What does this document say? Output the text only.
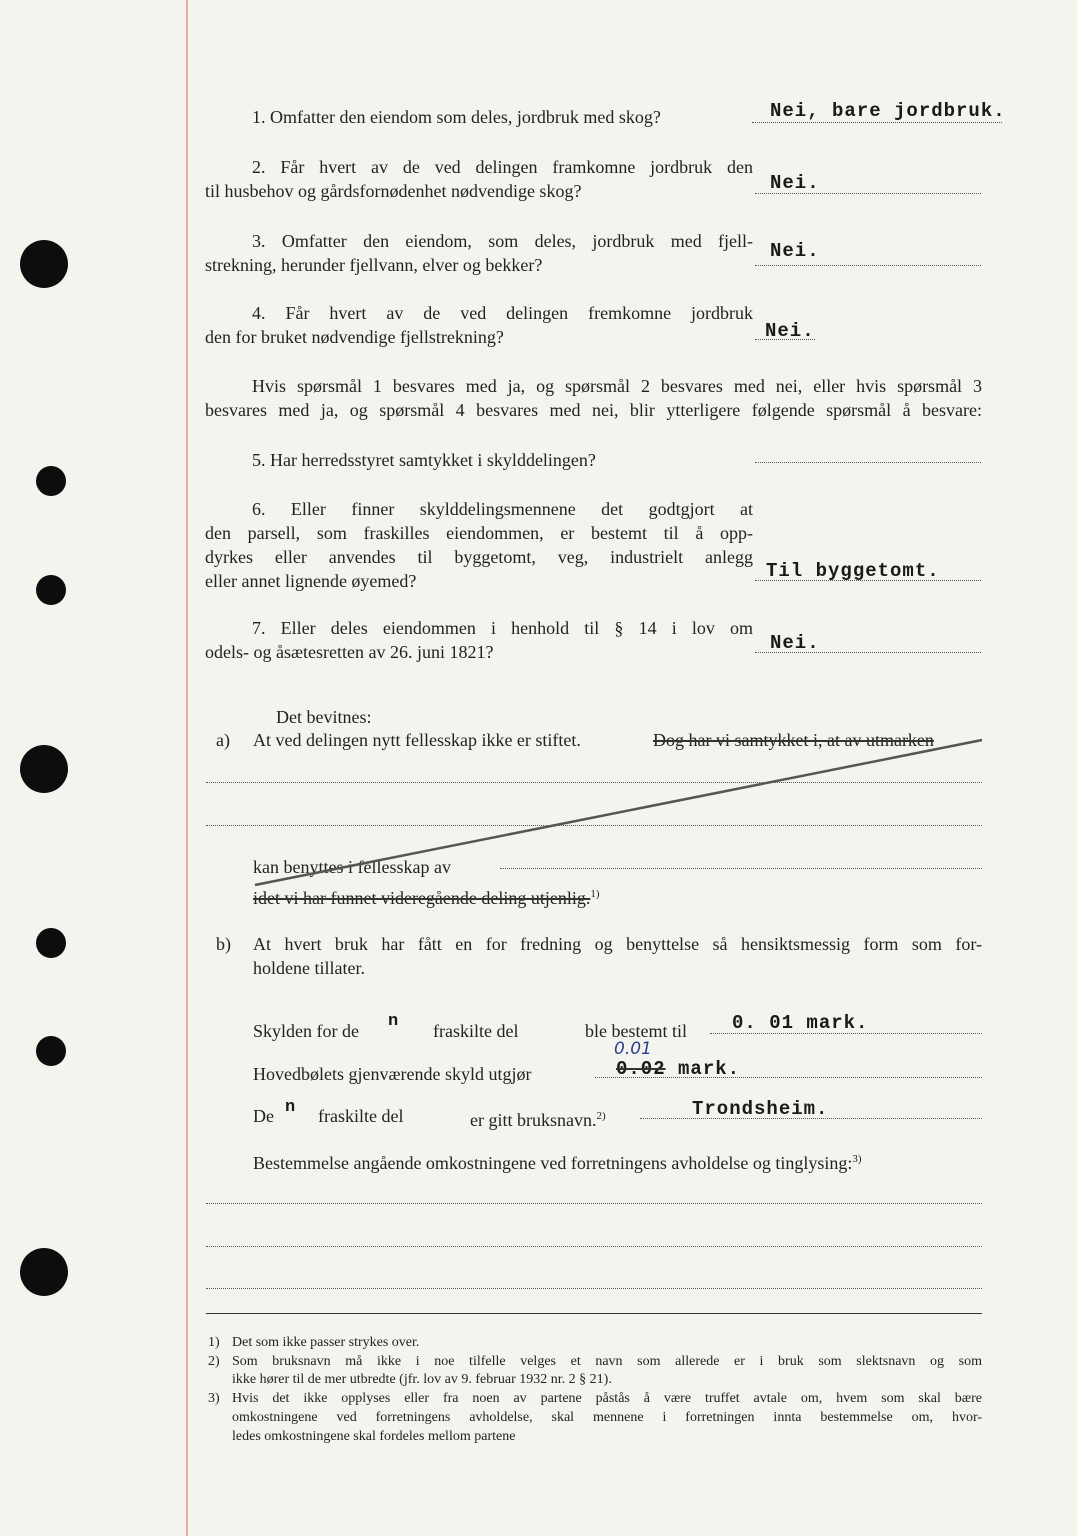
1. Omfatter den eiendom som deles, jordbruk med skog?	Nei, bare jordbruk.
2. Får hvert av de ved delingen framkomne jordbruk den
til husbehov og gårdsfornødenhet nødvendige skog?	Nei.
3. Omfatter den eiendom, som deles, jordbruk med fjell-
strekning, herunder fjellvann, elver og bekker?
Nei.
4. Får hvert av de ved delingen fremkomne jordbruk
den for bruket nødvendige fjellstrekning?	Nei.
Hvis spørsmål 1 besvares med ja, og spørsmål 2 besvares med nei, eller hvis spørsmål 3
besvares med ja, og spørsmål 4 besvares med nei, blir ytterligere følgende spørsmål å besvare:
5. Har herredsstyret samtykket i skylddelingen?
6. Eller finner skylddelingsmennene det godtgjort at
den parsell, som fraskilles eiendommen, er bestemt til å opp-
dyrkes eller anvendes til byggetomt, veg, industrielt anlegg
eller annet lignende øyemed?	Til byggetomt.
7. Eller deles eiendommen i henhold til § 14 i lov om
odels- og åsætesretten av 26. juni 1821?	Nei.
Det bevitnes:
a) At ved delingen nytt fellesskap ikke er stiftet.	Dog har vi samtykket i, at av utmarken
kan benyttes i fellesskap av
idet vi har funnet videregående deling utjenlig.$^{1)}$
b) At hvert bruk har fått en for fredning og benyttelse så hensiktsmessig form som for-
holdene tillater.
Skylden for de n fraskilte del	ble bestemt til 0. 01 mark.
Hovedbølets gjenværende skyld utgjør
0.01
0.02 mark.
De n fraskilte del	er gitt bruksnavn.$^{2)}$	Trondsheim.
Bestemmelse angående omkostningene ved forretningens avholdelse og tinglysing:$^{3)}$
1) Det som ikke passer strykes over.
2) Som bruksnavn må ikke i noe tilfelle velges et navn som allerede er i bruk som slektsnavn og som
ikke hører til de mer utbredte (jfr. lov av 9. februar 1932 nr. 2 § 21).
3) Hvis det ikke opplyses eller fra noen av partene påstås å være truffet avtale om, hvem som skal bære
omkostningene ved forretningens avholdelse, skal mennene i forretningen innta bestemmelse om, hvor-
ledes omkostningene skal fordeles mellom partene
